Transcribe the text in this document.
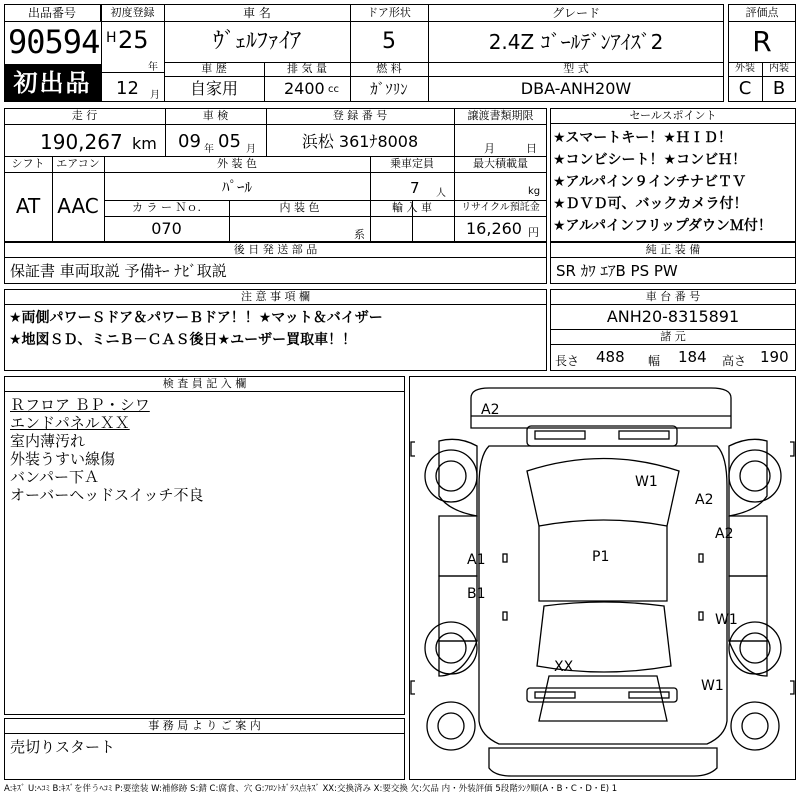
出品番号
90594
初出品
初度登録
H 25
年
12 月
車 名
ｳﾞｪﾙﾌｧｲｱ
ドア形状
5
グレード
2.4Z ｺﾞｰﾙﾃﾞﾝｱｲｽﾞ2
車 歴
自家用
排 気 量
2400 cc
燃 料
ｶﾞｿﾘﾝ
型 式
DBA-ANH20W
評価点
R
外装	内装
C	B
走 行
190,267 km
車 検
09 年 05 月
登 録 番 号
浜松 361ﾅ8008
譲渡書類期限
月	日
シフト	エアコン
AT AAC
外 装 色
ﾊﾟｰﾙ
乗車定員
7 人
最大積載量
kg
カ ラ ー Ｎｏ.
070
内 装 色
系
輸 入 車	リサイクル預託金
16,260 円
セールスポイント
★スマートキー！★ＨＩＤ！
★コンビシート！★コンビＨ！
★アルパイン９インチナビＴＶ
★ＤＶＤ可、バックカメラ付！
★アルパインフリップダウンＭ付！
後 日 発 送 部 品
保証書 車両取説 予備ｷｰ ﾅﾋﾞ取説
純 正 装 備
SR ｶﾜ ｴｱB PS PW
注 意 事 項 欄
★両側パワーＳドア＆パワーＢドア！！★マット＆バイザー
★地図ＳＤ、ミニＢ－ＣＡＳ後日★ユーザー買取車！！
車 台 番 号
ANH20-8315891
諸 元
長さ 488 幅 184 高さ 190
検 査 員 記 入 欄
Ｒフロア ＢＰ・シワ
エンドパネルＸＸ
室内薄汚れ
外装うすい線傷
バンパー下Ａ
オーバーヘッドスイッチ不良
事 務 局 よ り ご 案 内
売切りスタート
A2
W1
A2
A2
A1	P1
B1
W1
XX
W1
A:ｷｽﾞ U:ﾍｺﾐ B:ｷｽﾞを伴うﾍｺﾐ P:要塗装 W:補修跡 S:錆 C:腐食、穴 G:ﾌﾛﾝﾄｶﾞﾗｽ点ｷｽﾞ XX:交換済み X:要交換 欠:欠品 内・外装評価 5段階ﾗﾝｸ順(A・B・C・D・E) 1
